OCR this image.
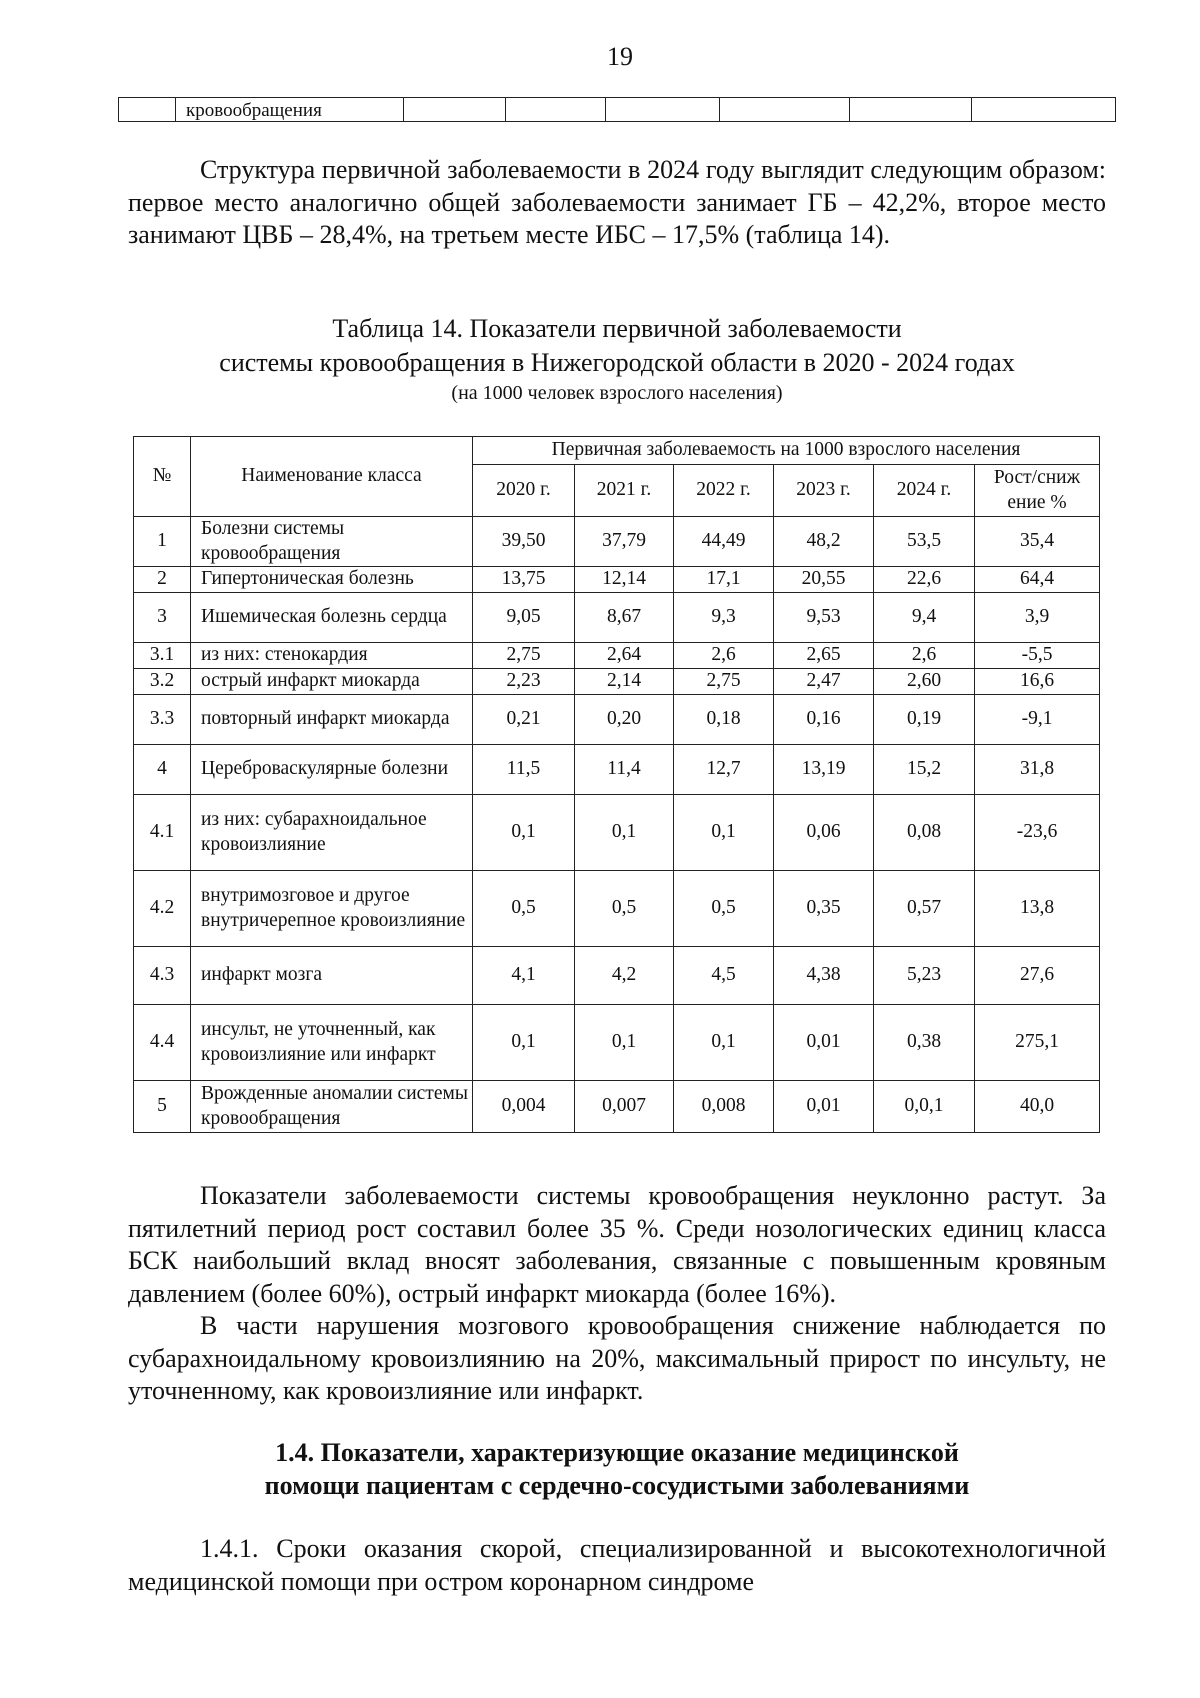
19
	кровообращения						

Структура первичной заболеваемости в 2024 году выглядит следующим образом: первое место аналогично общей заболеваемости занимает ГБ – 42,2%, второе место занимают ЦВБ – 28,4%, на третьем месте ИБС – 17,5% (таблица 14).

Таблица 14. Показатели первичной заболеваемости
системы кровообращения в Нижегородской области в 2020 - 2024 годах
(на 1000 человек взрослого населения)
№	Наименование класса	Первичная заболеваемость на 1000 взрослого населения					
		2020 г.	2021 г.	2022 г.	2023 г.	2024 г.	Рост/сниж ение %
1	Болезни системы кровообращения	39,50	37,79	44,49	48,2	53,5	35,4
2	Гипертоническая болезнь	13,75	12,14	17,1	20,55	22,6	64,4
3	Ишемическая болезнь сердца	9,05	8,67	9,3	9,53	9,4	3,9
3.1	из них: стенокардия	2,75	2,64	2,6	2,65	2,6	-5,5
3.2	острый инфаркт миокарда	2,23	2,14	2,75	2,47	2,60	16,6
3.3	повторный инфаркт миокарда	0,21	0,20	0,18	0,16	0,19	-9,1
4	Цереброваскулярные болезни	11,5	11,4	12,7	13,19	15,2	31,8
4.1	из них: субарахноидальное кровоизлияние	0,1	0,1	0,1	0,06	0,08	-23,6
4.2	внутримозговое и другое внутричерепное кровоизлияние	0,5	0,5	0,5	0,35	0,57	13,8
4.3	инфаркт мозга	4,1	4,2	4,5	4,38	5,23	27,6
4.4	инсульт, не уточненный, как кровоизлияние или инфаркт	0,1	0,1	0,1	0,01	0,38	275,1
5	Врожденные аномалии системы кровообращения	0,004	0,007	0,008	0,01	0,0,1	40,0

Показатели заболеваемости системы кровообращения неуклонно растут. За пятилетний период рост составил более 35 %. Среди нозологических единиц класса БСК наибольший вклад вносят заболевания, связанные с повышенным кровяным давлением (более 60%), острый инфаркт миокарда (более 16%).

В части нарушения мозгового кровообращения снижение наблюдается по субарахноидальному кровоизлиянию на 20%, максимальный прирост по инсульту, не уточненному, как кровоизлияние или инфаркт.

1.4. Показатели, характеризующие оказание медицинской
помощи пациентам с сердечно-сосудистыми заболеваниями

1.4.1. Сроки оказания скорой, специализированной и высокотехнологичной медицинской помощи при остром коронарном синдроме
